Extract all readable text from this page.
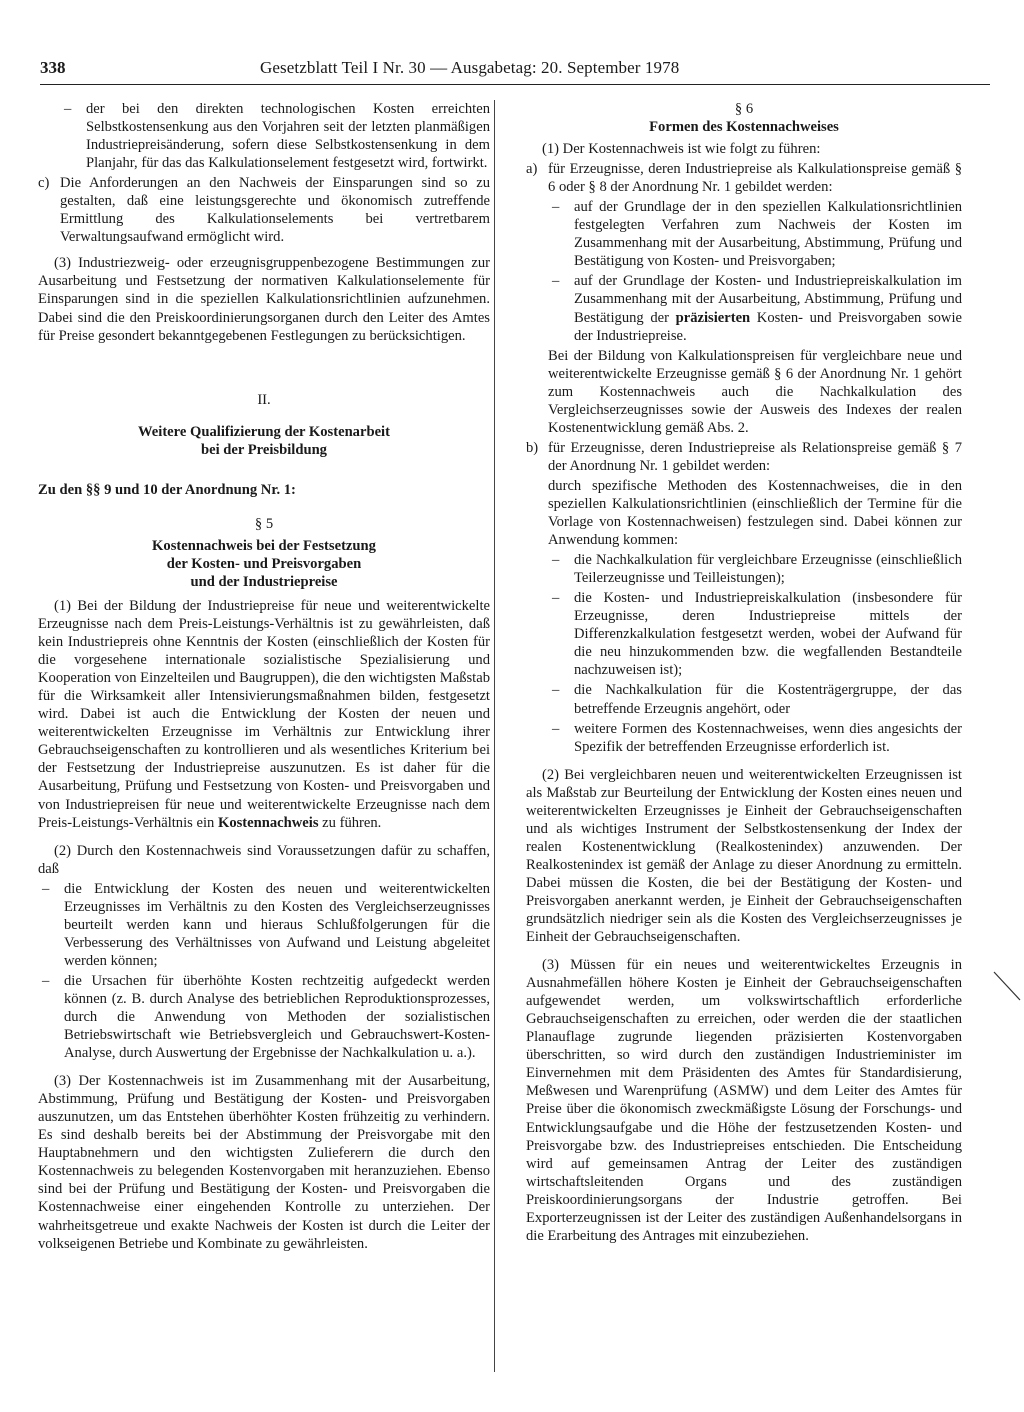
338	Gesetzblatt Teil I Nr. 30 — Ausgabetag: 20. September 1978

– der bei den direkten technologischen Kosten erreichten Selbstkostensenkung aus den Vorjahren seit der letzten planmäßigen Industriepreisänderung, sofern diese Selbstkostensenkung in dem Planjahr, für das das Kalkulationselement festgesetzt wird, fortwirkt.

c) Die Anforderungen an den Nachweis der Einsparungen sind so zu gestalten, daß eine leistungsgerechte und ökonomisch zutreffende Ermittlung des Kalkulationselements bei vertretbarem Verwaltungsaufwand ermöglicht wird.

(3) Industriezweig- oder erzeugnisgruppenbezogene Bestimmungen zur Ausarbeitung und Festsetzung der normativen Kalkulationselemente für Einsparungen sind in die speziellen Kalkulationsrichtlinien aufzunehmen. Dabei sind die den Preiskoordinierungsorganen durch den Leiter des Amtes für Preise gesondert bekanntgegebenen Festlegungen zu berücksichtigen.

II.

Weitere Qualifizierung der Kostenarbeit

bei der Preisbildung

Zu den §§ 9 und 10 der Anordnung Nr. 1:

§ 5

Kostennachweis bei der Festsetzung

der Kosten- und Preisvorgaben

und der Industriepreise

(1) Bei der Bildung der Industriepreise für neue und weiterentwickelte Erzeugnisse nach dem Preis-Leistungs-Verhältnis ist zu gewährleisten, daß kein Industriepreis ohne Kenntnis der Kosten (einschließlich der Kosten für die vorgesehene internationale sozialistische Spezialisierung und Kooperation von Einzelteilen und Baugruppen), die den wichtigsten Maßstab für die Wirksamkeit aller Intensivierungsmaßnahmen bilden, festgesetzt wird. Dabei ist auch die Entwicklung der Kosten der neuen und weiterentwickelten Erzeugnisse im Verhältnis zur Entwicklung ihrer Gebrauchseigenschaften zu kontrollieren und als wesentliches Kriterium bei der Festsetzung der Industriepreise auszunutzen. Es ist daher für die Ausarbeitung, Prüfung und Festsetzung von Kosten- und Preisvorgaben und von Industriepreisen für neue und weiterentwickelte Erzeugnisse nach dem Preis-Leistungs-Verhältnis ein Kostennachweis zu führen.

(2) Durch den Kostennachweis sind Voraussetzungen dafür zu schaffen, daß

– die Entwicklung der Kosten des neuen und weiterentwickelten Erzeugnisses im Verhältnis zu den Kosten des Vergleichserzeugnisses beurteilt werden kann und hieraus Schlußfolgerungen für die Verbesserung des Verhältnisses von Aufwand und Leistung abgeleitet werden können;

– die Ursachen für überhöhte Kosten rechtzeitig aufgedeckt werden können (z. B. durch Analyse des betrieblichen Reproduktionsprozesses, durch die Anwendung von Methoden der sozialistischen Betriebswirtschaft wie Betriebsvergleich und Gebrauchswert-Kosten-Analyse, durch Auswertung der Ergebnisse der Nachkalkulation u. a.).

(3) Der Kostennachweis ist im Zusammenhang mit der Ausarbeitung, Abstimmung, Prüfung und Bestätigung der Kosten- und Preisvorgaben auszunutzen, um das Entstehen überhöhter Kosten frühzeitig zu verhindern. Es sind deshalb bereits bei der Abstimmung der Preisvorgabe mit den Hauptabnehmern und den wichtigsten Zulieferern die durch den Kostennachweis zu belegenden Kostenvorgaben mit heranzuziehen. Ebenso sind bei der Prüfung und Bestätigung der Kosten- und Preisvorgaben die Kostennachweise einer eingehenden Kontrolle zu unterziehen. Der wahrheitsgetreue und exakte Nachweis der Kosten ist durch die Leiter der volkseigenen Betriebe und Kombinate zu gewährleisten.

§ 6

Formen des Kostennachweises

(1) Der Kostennachweis ist wie folgt zu führen:

a) für Erzeugnisse, deren Industriepreise als Kalkulationspreise gemäß § 6 oder § 8 der Anordnung Nr. 1 gebildet werden:

– auf der Grundlage der in den speziellen Kalkulationsrichtlinien festgelegten Verfahren zum Nachweis der Kosten im Zusammenhang mit der Ausarbeitung, Abstimmung, Prüfung und Bestätigung von Kosten- und Preisvorgaben;

– auf der Grundlage der Kosten- und Industriepreiskalkulation im Zusammenhang mit der Ausarbeitung, Abstimmung, Prüfung und Bestätigung der präzisierten Kosten- und Preisvorgaben sowie der Industriepreise.

Bei der Bildung von Kalkulationspreisen für vergleichbare neue und weiterentwickelte Erzeugnisse gemäß § 6 der Anordnung Nr. 1 gehört zum Kostennachweis auch die Nachkalkulation des Vergleichserzeugnisses sowie der Ausweis des Indexes der realen Kostenentwicklung gemäß Abs. 2.

b) für Erzeugnisse, deren Industriepreise als Relationspreise gemäß § 7 der Anordnung Nr. 1 gebildet werden:

durch spezifische Methoden des Kostennachweises, die in den speziellen Kalkulationsrichtlinien (einschließlich der Termine für die Vorlage von Kostennachweisen) festzulegen sind. Dabei können zur Anwendung kommen:

– die Nachkalkulation für vergleichbare Erzeugnisse (einschließlich Teilerzeugnisse und Teilleistungen);

– die Kosten- und Industriepreiskalkulation (insbesondere für Erzeugnisse, deren Industriepreise mittels der Differenzkalkulation festgesetzt werden, wobei der Aufwand für die neu hinzukommenden bzw. die wegfallenden Bestandteile nachzuweisen ist);

– die Nachkalkulation für die Kostenträgergruppe, der das betreffende Erzeugnis angehört, oder

– weitere Formen des Kostennachweises, wenn dies angesichts der Spezifik der betreffenden Erzeugnisse erforderlich ist.

(2) Bei vergleichbaren neuen und weiterentwickelten Erzeugnissen ist als Maßstab zur Beurteilung der Entwicklung der Kosten eines neuen und weiterentwickelten Erzeugnisses je Einheit der Gebrauchseigenschaften und als wichtiges Instrument der Selbstkostensenkung der Index der realen Kostenentwicklung (Realkostenindex) anzuwenden. Der Realkostenindex ist gemäß der Anlage zu dieser Anordnung zu ermitteln. Dabei müssen die Kosten, die bei der Bestätigung der Kosten- und Preisvorgaben anerkannt werden, je Einheit der Gebrauchseigenschaften grundsätzlich niedriger sein als die Kosten des Vergleichserzeugnisses je Einheit der Gebrauchseigenschaften.

(3) Müssen für ein neues und weiterentwickeltes Erzeugnis in Ausnahmefällen höhere Kosten je Einheit der Gebrauchseigenschaften aufgewendet werden, um volkswirtschaftlich erforderliche Gebrauchseigenschaften zu erreichen, oder werden die der staatlichen Planauflage zugrunde liegenden präzisierten Kostenvorgaben überschritten, so wird durch den zuständigen Industrieminister im Einvernehmen mit dem Präsidenten des Amtes für Standardisierung, Meßwesen und Warenprüfung (ASMW) und dem Leiter des Amtes für Preise über die ökonomisch zweckmäßigste Lösung der Forschungs- und Entwicklungsaufgabe und die Höhe der festzusetzenden Kosten- und Preisvorgabe bzw. des Industriepreises entschieden. Die Entscheidung wird auf gemeinsamen Antrag der Leiter des zuständigen wirtschaftsleitenden Organs und des zuständigen Preiskoordinierungsorgans der Industrie getroffen. Bei Exporterzeugnissen ist der Leiter des zuständigen Außenhandelsorgans in die Erarbeitung des Antrages mit einzubeziehen.
